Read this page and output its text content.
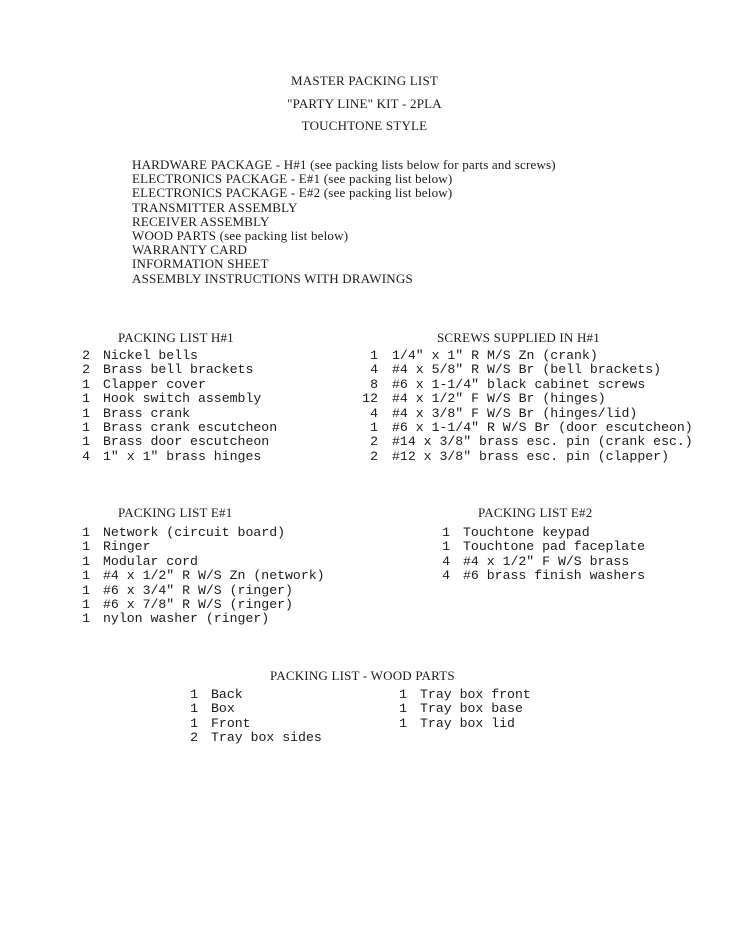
MASTER PACKING LIST
"PARTY LINE" KIT - 2PLA
TOUCHTONE STYLE
HARDWARE PACKAGE - H#1 (see packing lists below for parts and screws)
ELECTRONICS PACKAGE - E#1 (see packing list below)
ELECTRONICS PACKAGE - E#2 (see packing list below)
TRANSMITTER ASSEMBLY
RECEIVER ASSEMBLY
WOOD PARTS (see packing list below)
WARRANTY CARD
INFORMATION SHEET
ASSEMBLY INSTRUCTIONS WITH DRAWINGS
PACKING LIST H#1
2 Nickel bells
2 Brass bell brackets
1 Clapper cover
1 Hook switch assembly
1 Brass crank
1 Brass crank escutcheon
1 Brass door escutcheon
4 1" x 1" brass hinges
SCREWS SUPPLIED IN H#1
1 1/4" x 1" R M/S Zn (crank)
4 #4 x 5/8" R W/S Br (bell brackets)
8 #6 x 1-1/4" black cabinet screws
12 #4 x 1/2" F W/S Br (hinges)
4 #4 x 3/8" F W/S Br (hinges/lid)
1 #6 x 1-1/4" R W/S Br (door escutcheon)
2 #14 x 3/8" brass esc. pin (crank esc.)
2 #12 x 3/8" brass esc. pin (clapper)
PACKING LIST E#1
1 Network (circuit board)
1 Ringer
1 Modular cord
1 #4 x 1/2" R W/S Zn (network)
1 #6 x 3/4" R W/S (ringer)
1 #6 x 7/8" R W/S (ringer)
1 nylon washer (ringer)
PACKING LIST E#2
1 Touchtone keypad
1 Touchtone pad faceplate
4 #4 x 1/2" F W/S brass
4 #6 brass finish washers
PACKING LIST - WOOD PARTS
1 Back
1 Box
1 Front
2 Tray box sides
1 Tray box front
1 Tray box base
1 Tray box lid
